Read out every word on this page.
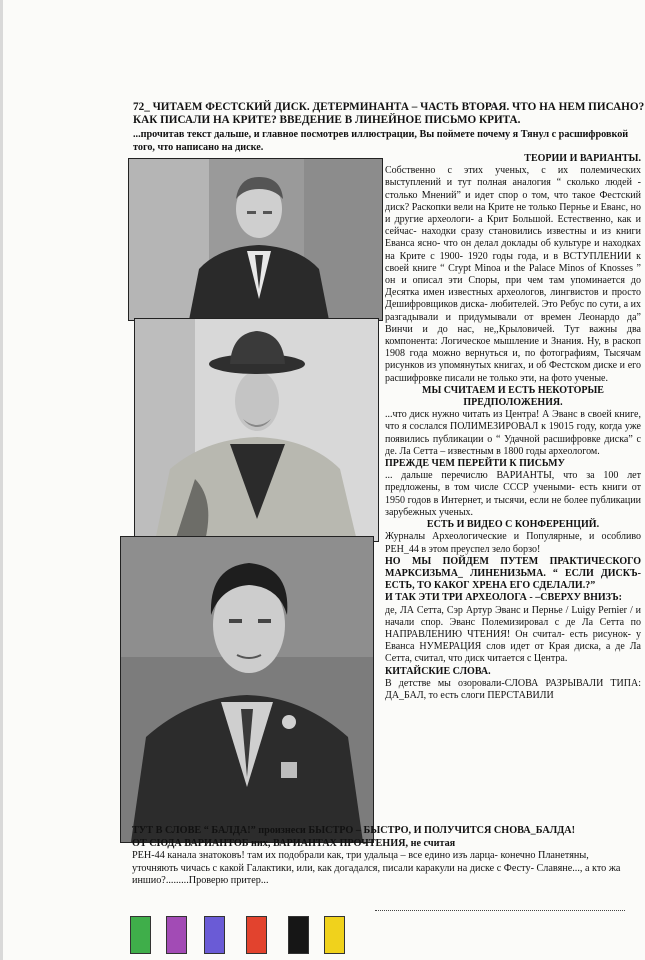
72_ ЧИТАЕМ ФЕСТСКИЙ ДИСК. ДЕТЕРМИНАНТА – ЧАСТЬ ВТОРАЯ. ЧТО НА НЕМ ПИСАНО? КАК ПИСАЛИ НА КРИТЕ? ВВЕДЕНИЕ В ЛИНЕЙНОЕ ПИСЬМО КРИТА.
...прочитав текст дальше, и главное посмотрев иллюстрации, Вы поймете почему я Тянул с расшифровкой того, что написано на диске.

ТЕОРИИ И ВАРИАНТЫ.
Собственно с этих ученых, с их полемических выступлений и тут полная аналогия “ сколько людей - столько Мнений” и идет спор о том, что такое Фестский диск? Раскопки вели на Крите не только Пернье и Еванс, но и другие археологи- а Крит Большой. Естественно, как и сейчас- находки сразу становились известны и из книги Еванса ясно- что он делал доклады об культуре и находках на Крите с 1900- 1920 годы года, и в ВСТУПЛЕНИИ к своей книге “ Crypt Minoa и the Palace Minos of Knosses ” он и описал эти Споры, при чем там упоминается до Десятка имен известных археологов, лингвистов и просто Дешифровщиков диска- любителей. Это Ребус по сути, а их разгадывали и придумывали от времен Леонардо да” Винчи и до нас, не,,Крыловичей. Тут важны два компонента: Логическое мышление и Знания. Ну, в раскоп 1908 года можно вернуться и, по фотографиям, Тысячам рисунков из упомянутых книгах, и об Фестском диске и его расшифровке писали не только эти, на фото ученые.

МЫ СЧИТАЕМ И ЕСТЬ НЕКОТОРЫЕ ПРЕДПОЛОЖЕНИЯ.

...что диск нужно читать из Центра! А Эванс в своей книге, что я сослался ПОЛИМЕЗИРОВАЛ к 19015 году, когда уже появились публикации о “ Удачной расшифровке диска” с де. Ла Сетта – известным в 1800 годы археологом.

ПРЕЖДЕ ЧЕМ ПЕРЕЙТИ К ПИСЬМУ

... дальше перечислю ВАРИАНТЫ, что за 100 лет предложены, в том числе СССР учеными- есть книги от 1950 годов в Интернет, и тысячи, если не более публикации зарубежных ученых.

ЕСТЬ И ВИДЕО С КОНФЕРЕНЦИЙ.

Журналы Археологические и Популярные, и особливо РЕН_44 в этом преуспел зело борзо!

НО МЫ ПОЙДЕМ ПУТЕМ ПРАКТИЧЕСКОГО МАРКСИЗЬМА_ ЛИНЕНИЗЬМА. “ ЕСЛИ ДИСКЪ- ЕСТЬ, ТО КАКОГ ХРЕНА ЕГО СДЕЛАЛИ.?”

И ТАК ЭТИ ТРИ АРХЕОЛОГА - –СВЕРХУ ВНИЗЪ:

де, ЛА Сетта, Сэр Артур Эванс и Пернье / Luigy Pernier / и начали спор. Эванс Полемизировал с де Ла Сетта по НАПРАВЛЕНИЮ ЧТЕНИЯ! Он считал- есть рисунок- у Еванса НУМЕРАЦИЯ слов идет от Края диска, а де Ла Сетта, считал, что диск читается с Центра.

КИТАЙСКИЕ СЛОВА.

В детстве мы озоровали-СЛОВА РАЗРЫВАЛИ ТИПА: ДА_БАЛ, то есть слоги ПЕРСТАВИЛИ

ТУТ В СЛОВЕ “ БАЛДА!” произнеси БЫСТРО – БЫСТРО, И ПОЛУЧИТСЯ СНОВА_БАЛДА!

ОТ СЮДА ВАРИАНТОБ них, ВАРИАНТАХ ПРОЧТЕНИЯ, не считая

РЕН-44 канала знатоковъ! там их подобрали как, три удальца – все едино изъ ларца- конечно Планетяны, уточняють чичась с какой Галактики, или, как догадался, писали каракули на диске с Фесту- Славяне..., а кто жа иншио?.........Проверю притер...
